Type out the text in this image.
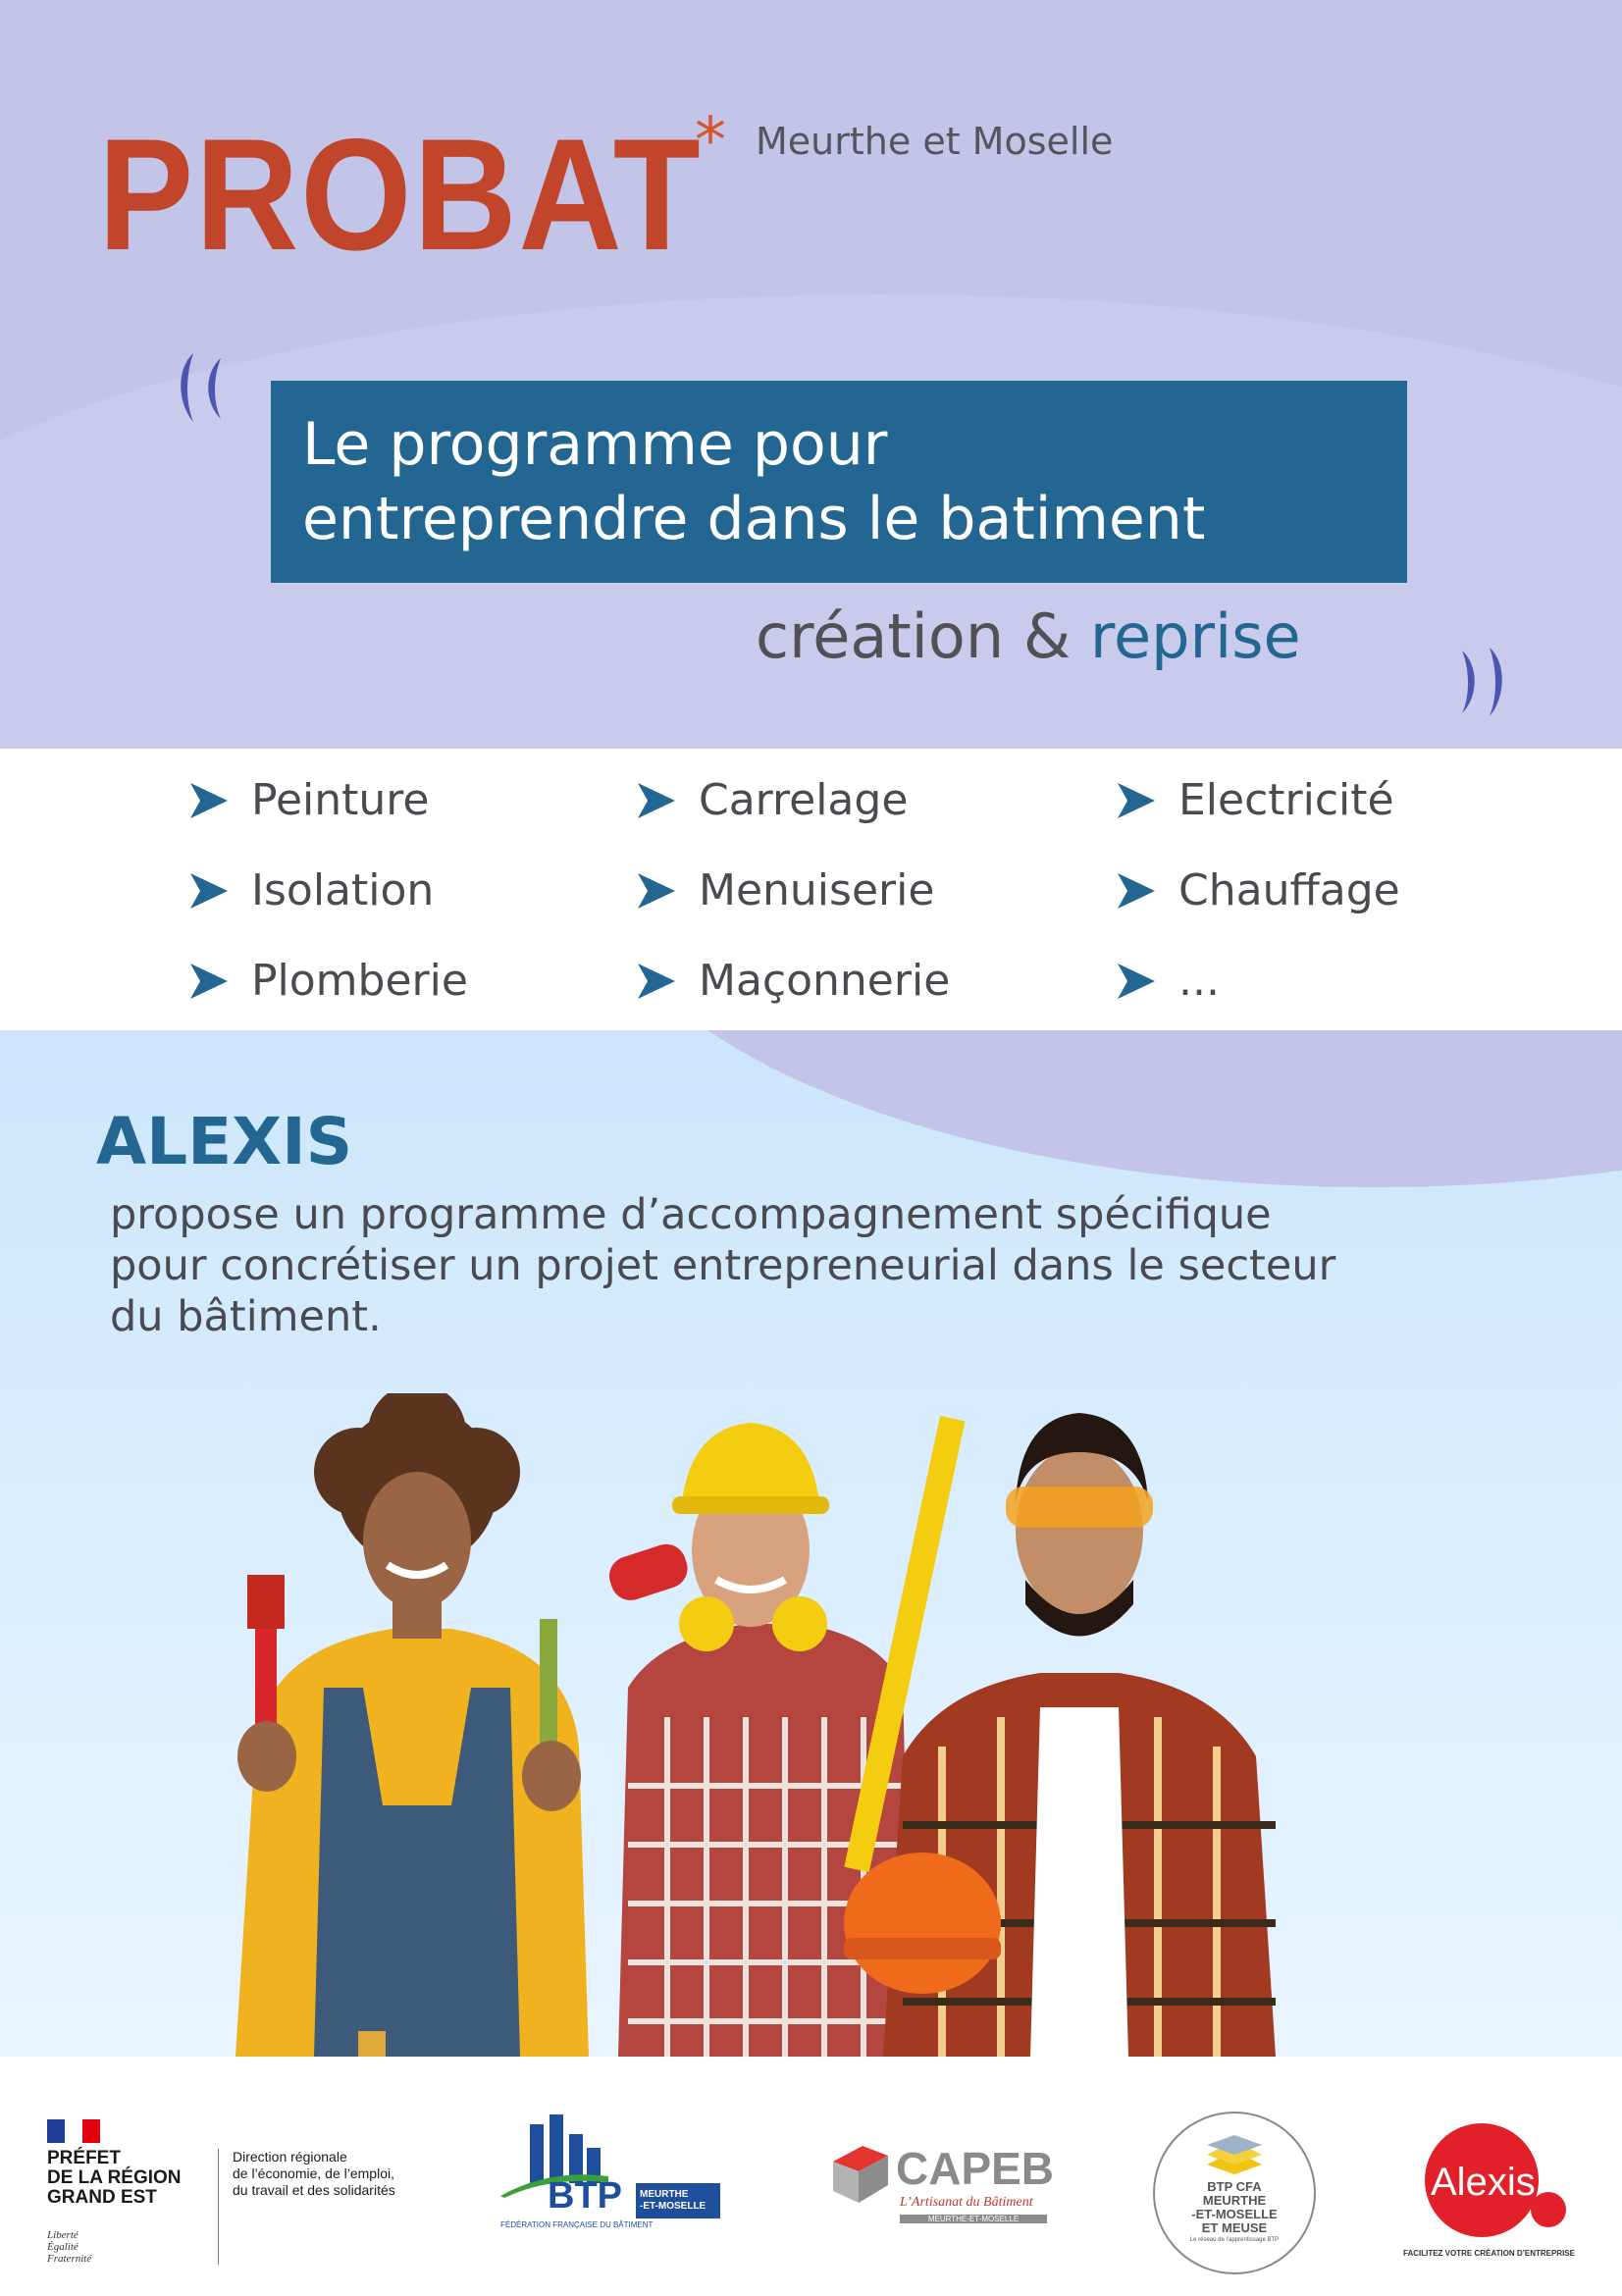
PROBAT
* Meurthe et Moselle
Le programme pour
entreprendre dans le batiment
création & reprise
Peinture	Carrelage	Electricité
Isolation	Menuiserie	Chauffage
Plomberie	Maçonnerie	...
ALEXIS
propose un programme d’accompagnement spécifique
pour concrétiser un projet entrepreneurial dans le secteur
du bâtiment.
PRÉFET
DE LA RÉGION
GRAND EST
Liberté
Égalité
Fraternité
Direction régionale
de l’économie, de l’emploi,
du travail et des solidarités	BTP MEURTHE
-ET-MOSELLE
FÉDÉRATION FRANÇAISE DU BÂTIMENT
CAPEB
L’Artisanat du Bâtiment
MEURTHE-ET-MOSELLE
BTP CFA
MEURTHE
-ET-MOSELLE
ET MEUSE
Le réseau de l’apprentissage BTP
Alexis
FACILITEZ VOTRE CRÉATION D’ENTREPRISE
